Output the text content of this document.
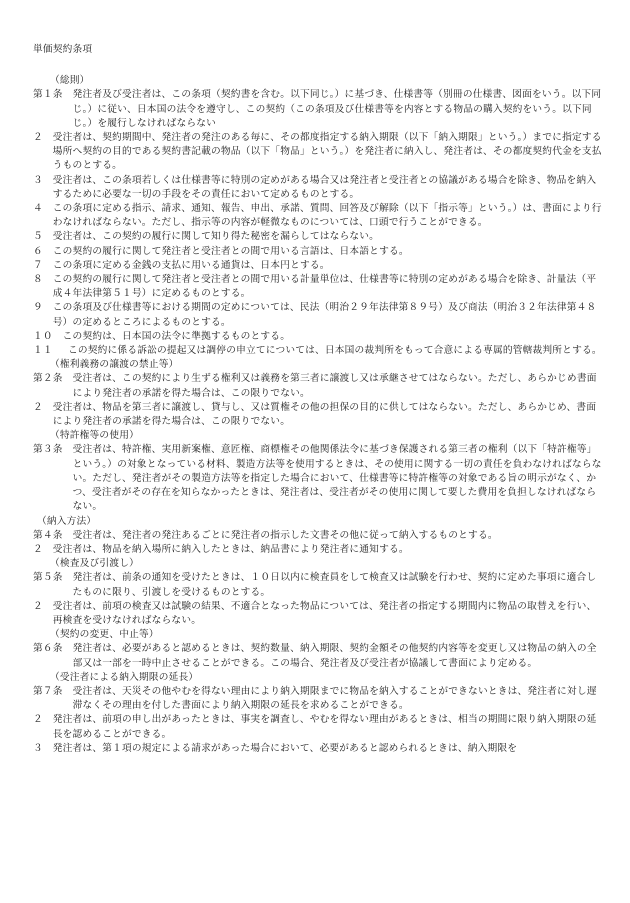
単価契約条項
（総則）
第１条　 発注者及び受注者は、この条項（契約書を含む。以下同じ。）に基づき、仕様書等（別冊の仕様書、図面をいう。以下同じ。）に従い、日本国の法令を遵守し、この契約（この条項及び仕様書等を内容とする物品の購入契約をいう。以下同じ。）を履行しなければならない
２　 受注者は、契約期間中、発注者の発注のある毎に、その都度指定する納入期限（以下「納入期限」という。）までに指定する場所へ契約の目的である契約書記載の物品（以下「物品」という。）を発注者に納入し、発注者は、その都度契約代金を支払うものとする。
３　 受注者は、この条項若しくは仕様書等に特別の定めがある場合又は発注者と受注者との協議がある場合を除き、物品を納入するために必要な一切の手段をその責任において定めるものとする。
４　 この条項に定める指示、請求、通知、報告、申出、承諾、質問、回答及び解除（以下「指示等」という。）は、書面により行わなければならない。ただし、指示等の内容が軽微なものについては、口頭で行うことができる。
５　 受注者は、この契約の履行に関して知り得た秘密を漏らしてはならない。
６　 この契約の履行に関して発注者と受注者との間で用いる言語は、日本語とする。
７　 この条項に定める金銭の支払に用いる通貨は、日本円とする。
８　 この契約の履行に関して発注者と受注者との間で用いる計量単位は、仕様書等に特別の定めがある場合を除き、計量法（平成４年法律第５１号）に定めるものとする。
９　 この条項及び仕様書等における期間の定めについては、民法（明治２９年法律第８９号）及び商法（明治３２年法律第４８号）の定めるところによるものとする。
１０　 この契約は、日本国の法令に準拠するものとする。
１１　 この契約に係る訴訟の提起又は調停の申立てについては、日本国の裁判所をもって合意による専属的管轄裁判所とする。
（権利義務の譲渡の禁止等）
第２条　 受注者は、この契約により生ずる権利又は義務を第三者に譲渡し又は承継させてはならない。ただし、あらかじめ書面により発注者の承諾を得た場合は、この限りでない。
２　 受注者は、物品を第三者に譲渡し、貸与し、又は質権その他の担保の目的に供してはならない。ただし、あらかじめ、書面により発注者の承諾を得た場合は、この限りでない。
（特許権等の使用）
第３条　 受注者は、特許権、実用新案権、意匠権、商標権その他関係法令に基づき保護される第三者の権利（以下「特許権等」という。）の対象となっている材料、製造方法等を使用するときは、その使用に関する一切の責任を負わなければならない。ただし、発注者がその製造方法等を指定した場合において、仕様書等に特許権等の対象である旨の明示がなく、かつ、受注者がその存在を知らなかったときは、発注者は、受注者がその使用に関して要した費用を負担しなければならない。
（納入方法）
第４条　 受注者は、発注者の発注あるごとに発注者の指示した文書その他に従って納入するものとする。
２　 受注者は、物品を納入場所に納入したときは、納品書により発注者に通知する。
（検査及び引渡し）
第５条　 発注者は、前条の通知を受けたときは、１０日以内に検査員をして検査又は試験を行わせ、契約に定めた事項に適合したものに限り、引渡しを受けるものとする。
２　 受注者は、前項の検査又は試験の結果、不適合となった物品については、発注者の指定する期間内に物品の取替えを行い、再検査を受けなければならない。
（契約の変更、中止等）
第６条　 発注者は、必要があると認めるときは、契約数量、納入期限、契約金額その他契約内容等を変更し又は物品の納入の全部又は一部を一時中止させることができる。この場合、発注者及び受注者が協議して書面により定める。
（受注者による納入期限の延長）
第７条　 受注者は、天災その他やむを得ない理由により納入期限までに物品を納入することができないときは、発注者に対し遅滞なくその理由を付した書面により納入期限の延長を求めることができる。
２　 発注者は、前項の申し出があったときは、事実を調査し、やむを得ない理由があるときは、相当の期間に限り納入期限の延長を認めることができる。
３　 発注者は、第１項の規定による請求があった場合において、必要があると認められるときは、納入期限を
